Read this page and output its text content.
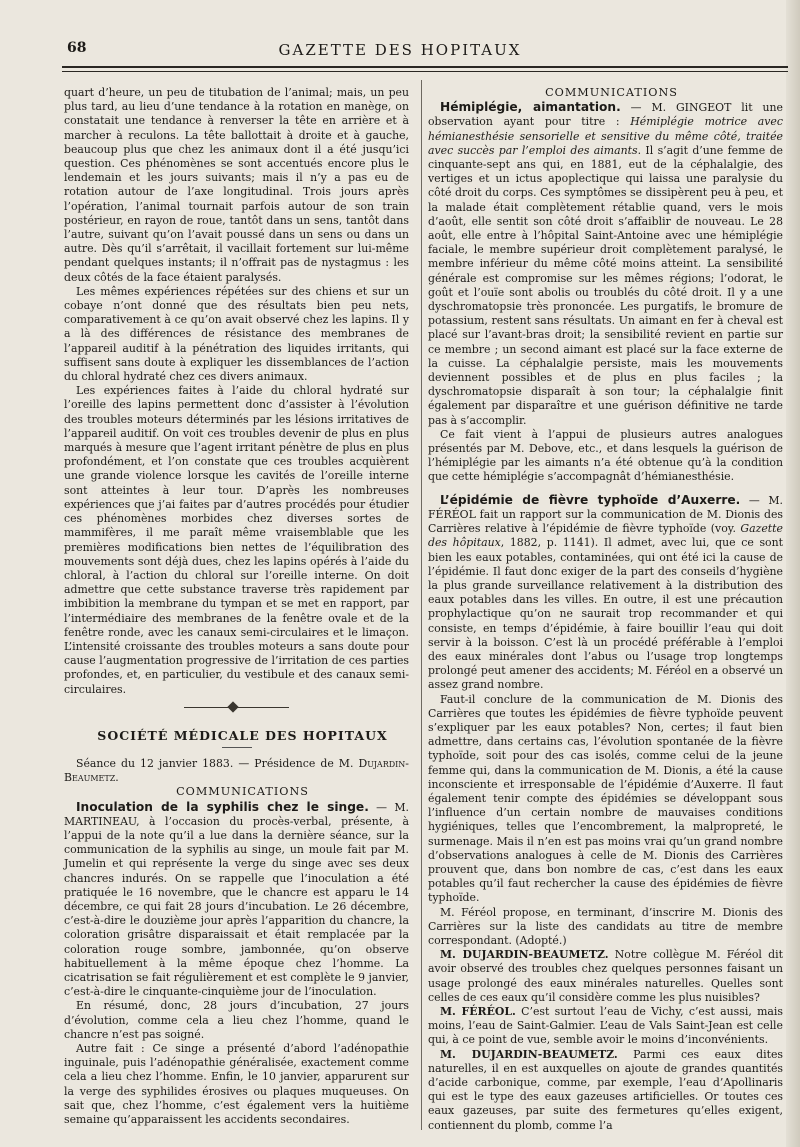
68	GAZETTE DES HOPITAUX

quart d’heure, un peu de titubation de l’animal; mais, un peu plus tard, au lieu d’une tendance à la rotation en manège, on constatait une tendance à renverser la tête en arrière et à marcher à reculons. La tête ballottait à droite et à gauche, beaucoup plus que chez les animaux dont il a été jusqu’ici question. Ces phénomènes se sont accentués encore plus le lendemain et les jours suivants; mais il n’y a pas eu de rotation autour de l’axe longitudinal. Trois jours après l’opération, l’animal tournait parfois autour de son train postérieur, en rayon de roue, tantôt dans un sens, tantôt dans l’autre, suivant qu’on l’avait poussé dans un sens ou dans un autre. Dès qu’il s’arrêtait, il vacillait fortement sur lui-même pendant quelques instants; il n’offrait pas de nystagmus : les deux côtés de la face étaient paralysés.

Les mêmes expériences répétées sur des chiens et sur un cobaye n’ont donné que des résultats bien peu nets, comparativement à ce qu’on avait observé chez les lapins. Il y a là des différences de résistance des membranes de l’appareil auditif à la pénétration des liquides irritants, qui suffisent sans doute à expliquer les dissemblances de l’action du chloral hydraté chez ces divers animaux.

Les expériences faites à l’aide du chloral hydraté sur l’oreille des lapins permettent donc d’assister à l’évolution des troubles moteurs déterminés par les lésions irritatives de l’appareil auditif. On voit ces troubles devenir de plus en plus marqués à mesure que l’agent irritant pénètre de plus en plus profondément, et l’on constate que ces troubles acquièrent une grande violence lorsque les cavités de l’oreille interne sont atteintes à leur tour. D’après les nombreuses expériences que j’ai faites par d’autres procédés pour étudier ces phénomènes morbides chez diverses sortes de mammifères, il me paraît même vraisemblable que les premières modifications bien nettes de l’équilibration des mouvements sont déjà dues, chez les lapins opérés à l’aide du chloral, à l’action du chloral sur l’oreille interne. On doit admettre que cette substance traverse très rapidement par imbibition la membrane du tympan et se met en rapport, par l’intermédiaire des membranes de la fenêtre ovale et de la fenêtre ronde, avec les canaux semi-circulaires et le limaçon. L’intensité croissante des troubles moteurs a sans doute pour cause l’augmentation progressive de l’irritation de ces parties profondes, et, en particulier, du vestibule et des canaux semi-circulaires.

SOCIÉTÉ MÉDICALE DES HOPITAUX

Séance du 12 janvier 1883. — Présidence de M. Dujardin-Beaumetz.

COMMUNICATIONS

Inoculation de la syphilis chez le singe. — M. MARTINEAU, à l’occasion du procès-verbal, présente, à l’appui de la note qu’il a lue dans la dernière séance, sur la communication de la syphilis au singe, un moule fait par M. Jumelin et qui représente la verge du singe avec ses deux chancres indurés. On se rappelle que l’inoculation a été pratiquée le 16 novembre, que le chancre est apparu le 14 décembre, ce qui fait 28 jours d’incubation. Le 26 décembre, c’est-à-dire le douzième jour après l’apparition du chancre, la coloration grisâtre disparaissait et était remplacée par la coloration rouge sombre, jambonnée, qu’on observe habituellement à la même époque chez l’homme. La cicatrisation se fait régulièrement et est complète le 9 janvier, c’est-à-dire le cinquante-cinquième jour de l’inoculation.

En résumé, donc, 28 jours d’incubation, 27 jours d’évolution, comme cela a lieu chez l’homme, quand le chancre n’est pas soigné.

Autre fait : Ce singe a présenté d’abord l’adénopathie inguinale, puis l’adénopathie généralisée, exactement comme cela a lieu chez l’homme. Enfin, le 10 janvier, apparurent sur la verge des syphilides érosives ou plaques muqueuses. On sait que, chez l’homme, c’est également vers la huitième semaine qu’apparaissent les accidents secondaires.

COMMUNICATIONS

Hémiplégie, aimantation. — M. GINGEOT lit une observation ayant pour titre : Hémiplégie motrice avec hémianesthésie sensorielle et sensitive du même côté, traitée avec succès par l’emploi des aimants. Il s’agit d’une femme de cinquante-sept ans qui, en 1881, eut de la céphalalgie, des vertiges et un ictus apoplectique qui laissa une paralysie du côté droit du corps. Ces symptômes se dissipèrent peu à peu, et la malade était complètement rétablie quand, vers le mois d’août, elle sentit son côté droit s’affaiblir de nouveau. Le 28 août, elle entre à l’hôpital Saint-Antoine avec une hémiplégie faciale, le membre supérieur droit complètement paralysé, le membre inférieur du même côté moins atteint. La sensibilité générale est compromise sur les mêmes régions; l’odorat, le goût et l’ouïe sont abolis ou troublés du côté droit. Il y a une dyschromatopsie très prononcée. Les purgatifs, le bromure de potassium, restent sans résultats. Un aimant en fer à cheval est placé sur l’avant-bras droit; la sensibilité revient en partie sur ce membre ; un second aimant est placé sur la face externe de la cuisse. La céphalalgie persiste, mais les mouvements deviennent possibles et de plus en plus faciles ; la dyschromatopsie disparaît à son tour; la céphalalgie finit également par disparaître et une guérison définitive ne tarde pas à s’accomplir.

Ce fait vient à l’appui de plusieurs autres analogues présentés par M. Debove, etc., et dans lesquels la guérison de l’hémiplégie par les aimants n’a été obtenue qu’à la condition que cette hémiplégie s’accompagnât d’hémianesthésie.

L’épidémie de fièvre typhoïde d’Auxerre. — M. FÉRÉOL fait un rapport sur la communication de M. Dionis des Carrières relative à l’épidémie de fièvre typhoïde (voy. Gazette des hôpitaux, 1882, p. 1141). Il admet, avec lui, que ce sont bien les eaux potables, contaminées, qui ont été ici la cause de l’épidémie. Il faut donc exiger de la part des conseils d’hygiène la plus grande surveillance relativement à la distribution des eaux potables dans les villes. En outre, il est une précaution prophylactique qu’on ne saurait trop recommander et qui consiste, en temps d’épidémie, à faire bouillir l’eau qui doit servir à la boisson. C’est là un procédé préférable à l’emploi des eaux minérales dont l’abus ou l’usage trop longtemps prolongé peut amener des accidents; M. Féréol en a observé un assez grand nombre.

Faut-il conclure de la communication de M. Dionis des Carrières que toutes les épidémies de fièvre typhoïde peuvent s’expliquer par les eaux potables? Non, certes; il faut bien admettre, dans certains cas, l’évolution spontanée de la fièvre typhoïde, soit pour des cas isolés, comme celui de la jeune femme qui, dans la communication de M. Dionis, a été la cause inconsciente et irresponsable de l’épidémie d’Auxerre. Il faut également tenir compte des épidémies se développant sous l’influence d’un certain nombre de mauvaises conditions hygiéniques, telles que l’encombrement, la malpropreté, le surmenage. Mais il n’en est pas moins vrai qu’un grand nombre d’observations analogues à celle de M. Dionis des Carrières prouvent que, dans bon nombre de cas, c’est dans les eaux potables qu’il faut rechercher la cause des épidémies de fièvre typhoïde.

M. Féréol propose, en terminant, d’inscrire M. Dionis des Carrières sur la liste des candidats au titre de membre correspondant. (Adopté.)

M. DUJARDIN-BEAUMETZ. Notre collègue M. Féréol dit avoir observé des troubles chez quelques personnes faisant un usage prolongé des eaux minérales naturelles. Quelles sont celles de ces eaux qu’il considère comme les plus nuisibles?

M. FÉRÉOL. C’est surtout l’eau de Vichy, c’est aussi, mais moins, l’eau de Saint-Galmier. L’eau de Vals Saint-Jean est celle qui, à ce point de vue, semble avoir le moins d’inconvénients.

M. DUJARDIN-BEAUMETZ. Parmi ces eaux dites naturelles, il en est auxquelles on ajoute de grandes quantités d’acide carbonique, comme, par exemple, l’eau d’Apollinaris qui est le type des eaux gazeuses artificielles. Or toutes ces eaux gazeuses, par suite des fermetures qu’elles exigent, contiennent du plomb, comme l’a
